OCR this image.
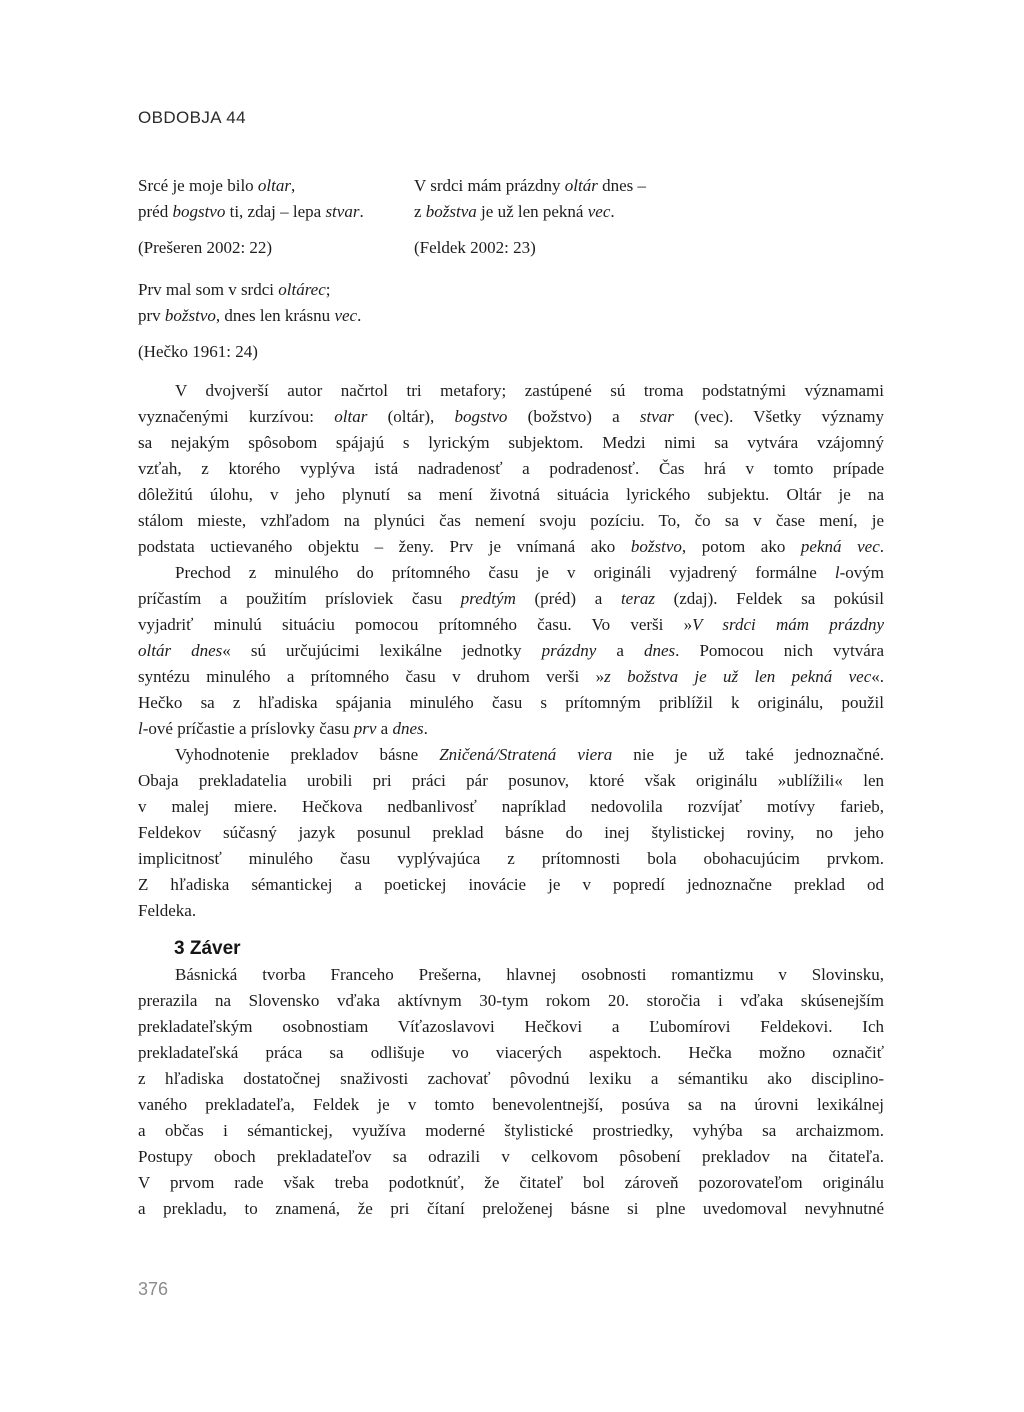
OBDOBJA 44
Srcé je moje bilo oltar,
préd bogstvo ti, zdaj – lepa stvar.
(Prešeren 2002: 22)
V srdci mám prázdny oltár dnes –
z božstva je už len pekná vec.
(Feldek 2002: 23)
Prv mal som v srdci oltárec;
prv božstvo, dnes len krásnu vec.
(Hečko 1961: 24)
V dvojverší autor načrtol tri metafory; zastúpené sú troma podstatnými významami
vyznačenými kurzívou: oltar (oltár), bogstvo (božstvo) a stvar (vec). Všetky významy
sa nejakým spôsobom spájajú s lyrickým subjektom. Medzi nimi sa vytvára vzájomný
vzťah, z ktorého vyplýva istá nadradenosť a podradenosť. Čas hrá v tomto prípade
dôležitú úlohu, v jeho plynutí sa mení životná situácia lyrického subjektu. Oltár je na
stálom mieste, vzhľadom na plynúci čas nemení svoju pozíciu. To, čo sa v čase mení, je
podstata uctievaného objektu – ženy. Prv je vnímaná ako božstvo, potom ako pekná vec.
Prechod z minulého do prítomného času je v origináli vyjadrený formálne l-ovým
príčastím a použitím prísloviek času predtým (préd) a teraz (zdaj). Feldek sa pokúsil
vyjadriť minulú situáciu pomocou prítomného času. Vo verši »V srdci mám prázdny
oltár dnes« sú určujúcimi lexikálne jednotky prázdny a dnes. Pomocou nich vytvára
syntézu minulého a prítomného času v druhom verši »z božstva je už len pekná vec«.
Hečko sa z hľadiska spájania minulého času s prítomným priblížil k originálu, použil
l-ové príčastie a príslovky času prv a dnes.
Vyhodnotenie prekladov básne Zničená/Stratená viera nie je už také jednoznačné.
Obaja prekladatelia urobili pri práci pár posunov, ktoré však originálu »ublížili« len
v malej miere. Hečkova nedbanlivosť napríklad nedovolila rozvíjať motívy farieb,
Feldekov súčasný jazyk posunul preklad básne do inej štylistickej roviny, no jeho
implicitnosť minulého času vyplývajúca z prítomnosti bola obohacujúcim prvkom.
Z hľadiska sémantickej a poetickej inovácie je v popredí jednoznačne preklad od
Feldeka.
3 Záver
Básnická tvorba Franceho Prešerna, hlavnej osobnosti romantizmu v Slovinsku,
prerazila na Slovensko vďaka aktívnym 30-tym rokom 20. storočia i vďaka skúsenejším
prekladateľským osobnostiam Víťazoslavovi Hečkovi a Ľubomírovi Feldekovi. Ich
prekladateľská práca sa odlišuje vo viacerých aspektoch. Hečka možno označiť
z hľadiska dostatočnej snaživosti zachovať pôvodnú lexiku a sémantiku ako disciplino-
vaného prekladateľa, Feldek je v tomto benevolentnejší, posúva sa na úrovni lexikálnej
a občas i sémantickej, využíva moderné štylistické prostriedky, vyhýba sa archaizmom.
Postupy oboch prekladateľov sa odrazili v celkovom pôsobení prekladov na čitateľa.
V prvom rade však treba podotknúť, že čitateľ bol zároveň pozorovateľom originálu
a prekladu, to znamená, že pri čítaní preloženej básne si plne uvedomoval nevyhnutné
376
